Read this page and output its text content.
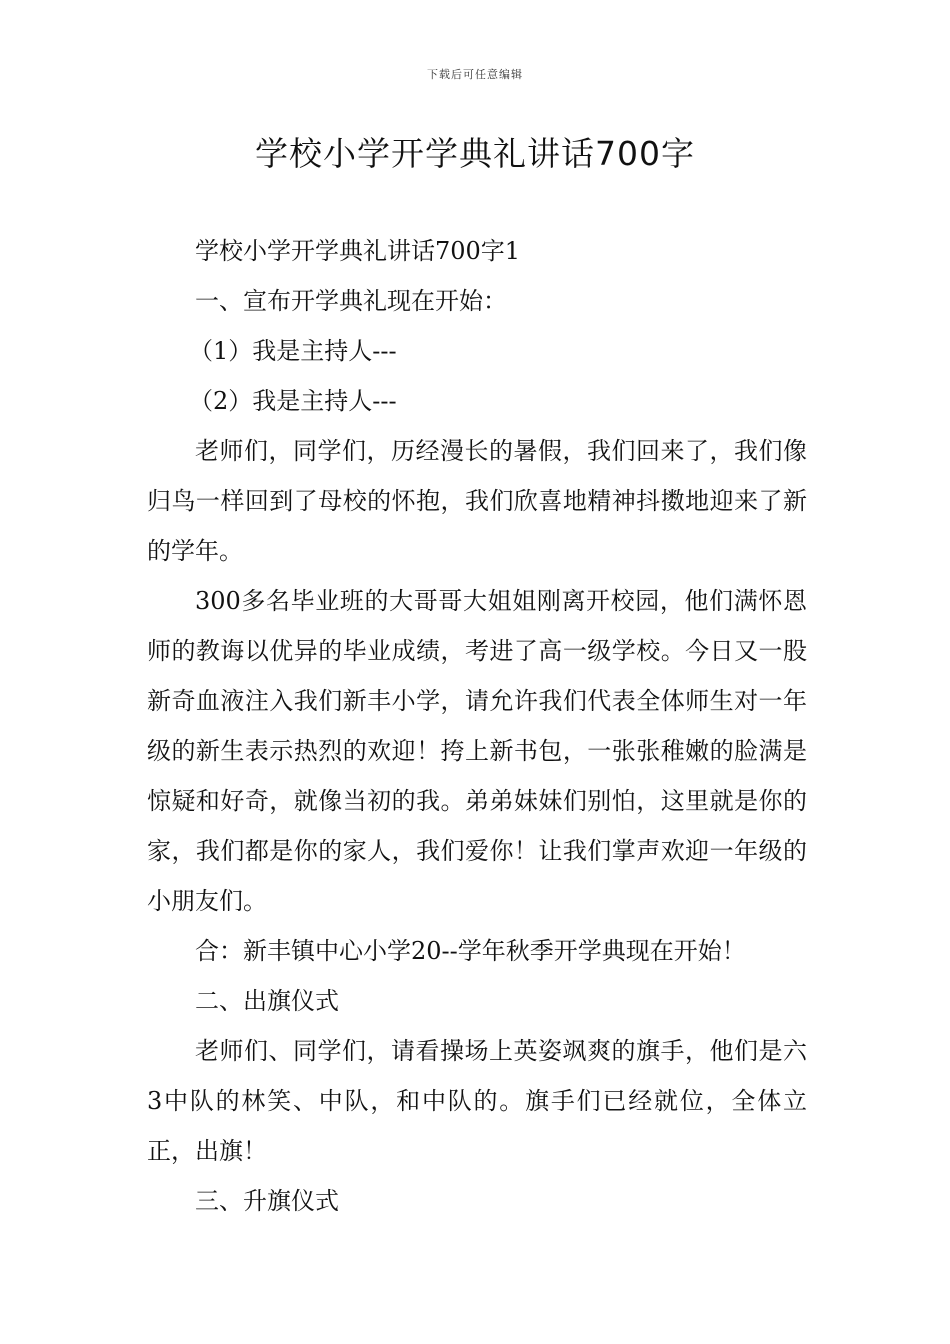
下载后可任意编辑
学校小学开学典礼讲话700字

学校小学开学典礼讲话700字1

一、宣布开学典礼现在开始：

（1）我是主持人---

（2）我是主持人---

老师们，同学们，历经漫长的暑假，我们回来了，我们像归鸟一样回到了母校的怀抱，我们欣喜地精神抖擞地迎来了新的学年。

300多名毕业班的大哥哥大姐姐刚离开校园，他们满怀恩师的教诲以优异的毕业成绩，考进了高一级学校。今日又一股新奇血液注入我们新丰小学，请允许我们代表全体师生对一年级的新生表示热烈的欢迎！挎上新书包，一张张稚嫩的脸满是惊疑和好奇，就像当初的我。弟弟妹妹们别怕，这里就是你的家，我们都是你的家人，我们爱你！让我们掌声欢迎一年级的小朋友们。

合：新丰镇中心小学20--学年秋季开学典现在开始！

二、出旗仪式

老师们、同学们，请看操场上英姿飒爽的旗手，他们是六3中队的林笑、中队，和中队的。旗手们已经就位，全体立正，出旗！

三、升旗仪式
